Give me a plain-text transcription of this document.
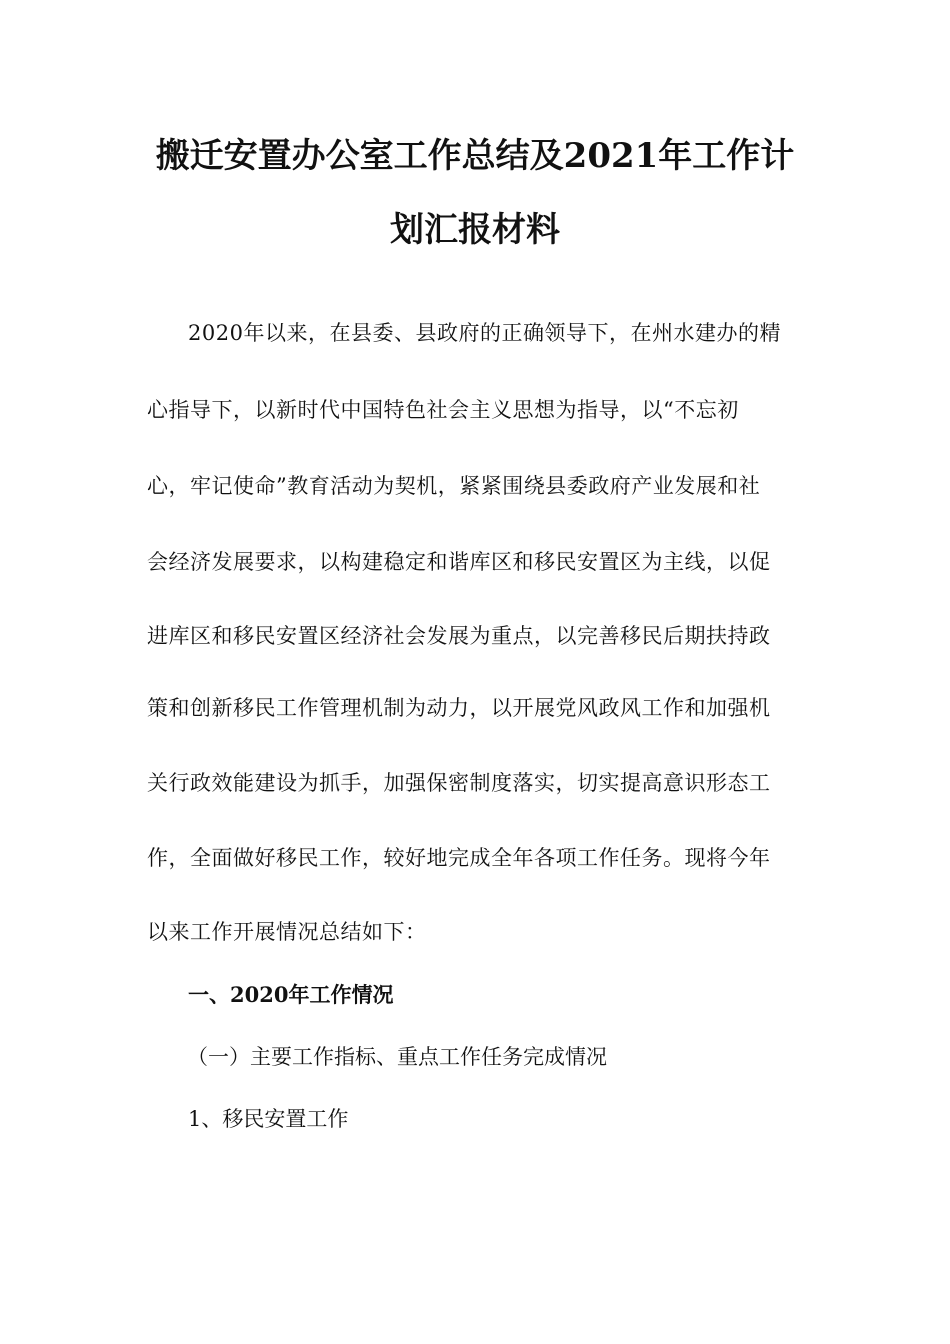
搬迁安置办公室工作总结及2021年工作计
划汇报材料
2020年以来，在县委、县政府的正确领导下，在州水建办的精
心指导下，以新时代中国特色社会主义思想为指导，以“不忘初
心，牢记使命”教育活动为契机，紧紧围绕县委政府产业发展和社
会经济发展要求，以构建稳定和谐库区和移民安置区为主线，以促
进库区和移民安置区经济社会发展为重点，以完善移民后期扶持政
策和创新移民工作管理机制为动力，以开展党风政风工作和加强机
关行政效能建设为抓手，加强保密制度落实，切实提高意识形态工
作，全面做好移民工作，较好地完成全年各项工作任务。现将今年
以来工作开展情况总结如下：
一、2020年工作情况
（一）主要工作指标、重点工作任务完成情况
1、移民安置工作
